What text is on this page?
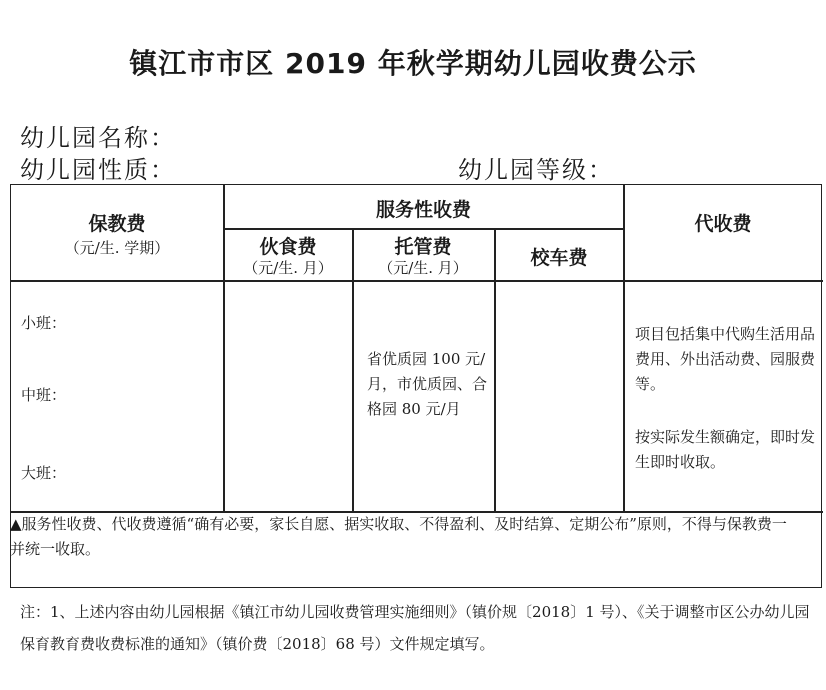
镇江市市区 2019 年秋学期幼儿园收费公示
幼儿园名称：
幼儿园性质：	幼儿园等级：
保教费
（元/生. 学期）
服务性收费
伙食费
（元/生. 月）
托管费
（元/生. 月）	校车费
代收费
小班：
中班：
大班：
省优质园 100 元/月，市优质园、合格园 80 元/月
项目包括集中代购生活用品费用、外出活动费、园服费等。
按实际发生额确定，即时发生即时收取。
▲服务性收费、代收费遵循“确有必要，家长自愿、据实收取、不得盈利、及时结算、定期公布”原则，不得与保教费一并统一收取。
注：1、上述内容由幼儿园根据《镇江市幼儿园收费管理实施细则》（镇价规〔2018〕1 号）、《关于调整市区公办幼儿园保育教育费收费标准的通知》（镇价费〔2018〕68 号）文件规定填写。
